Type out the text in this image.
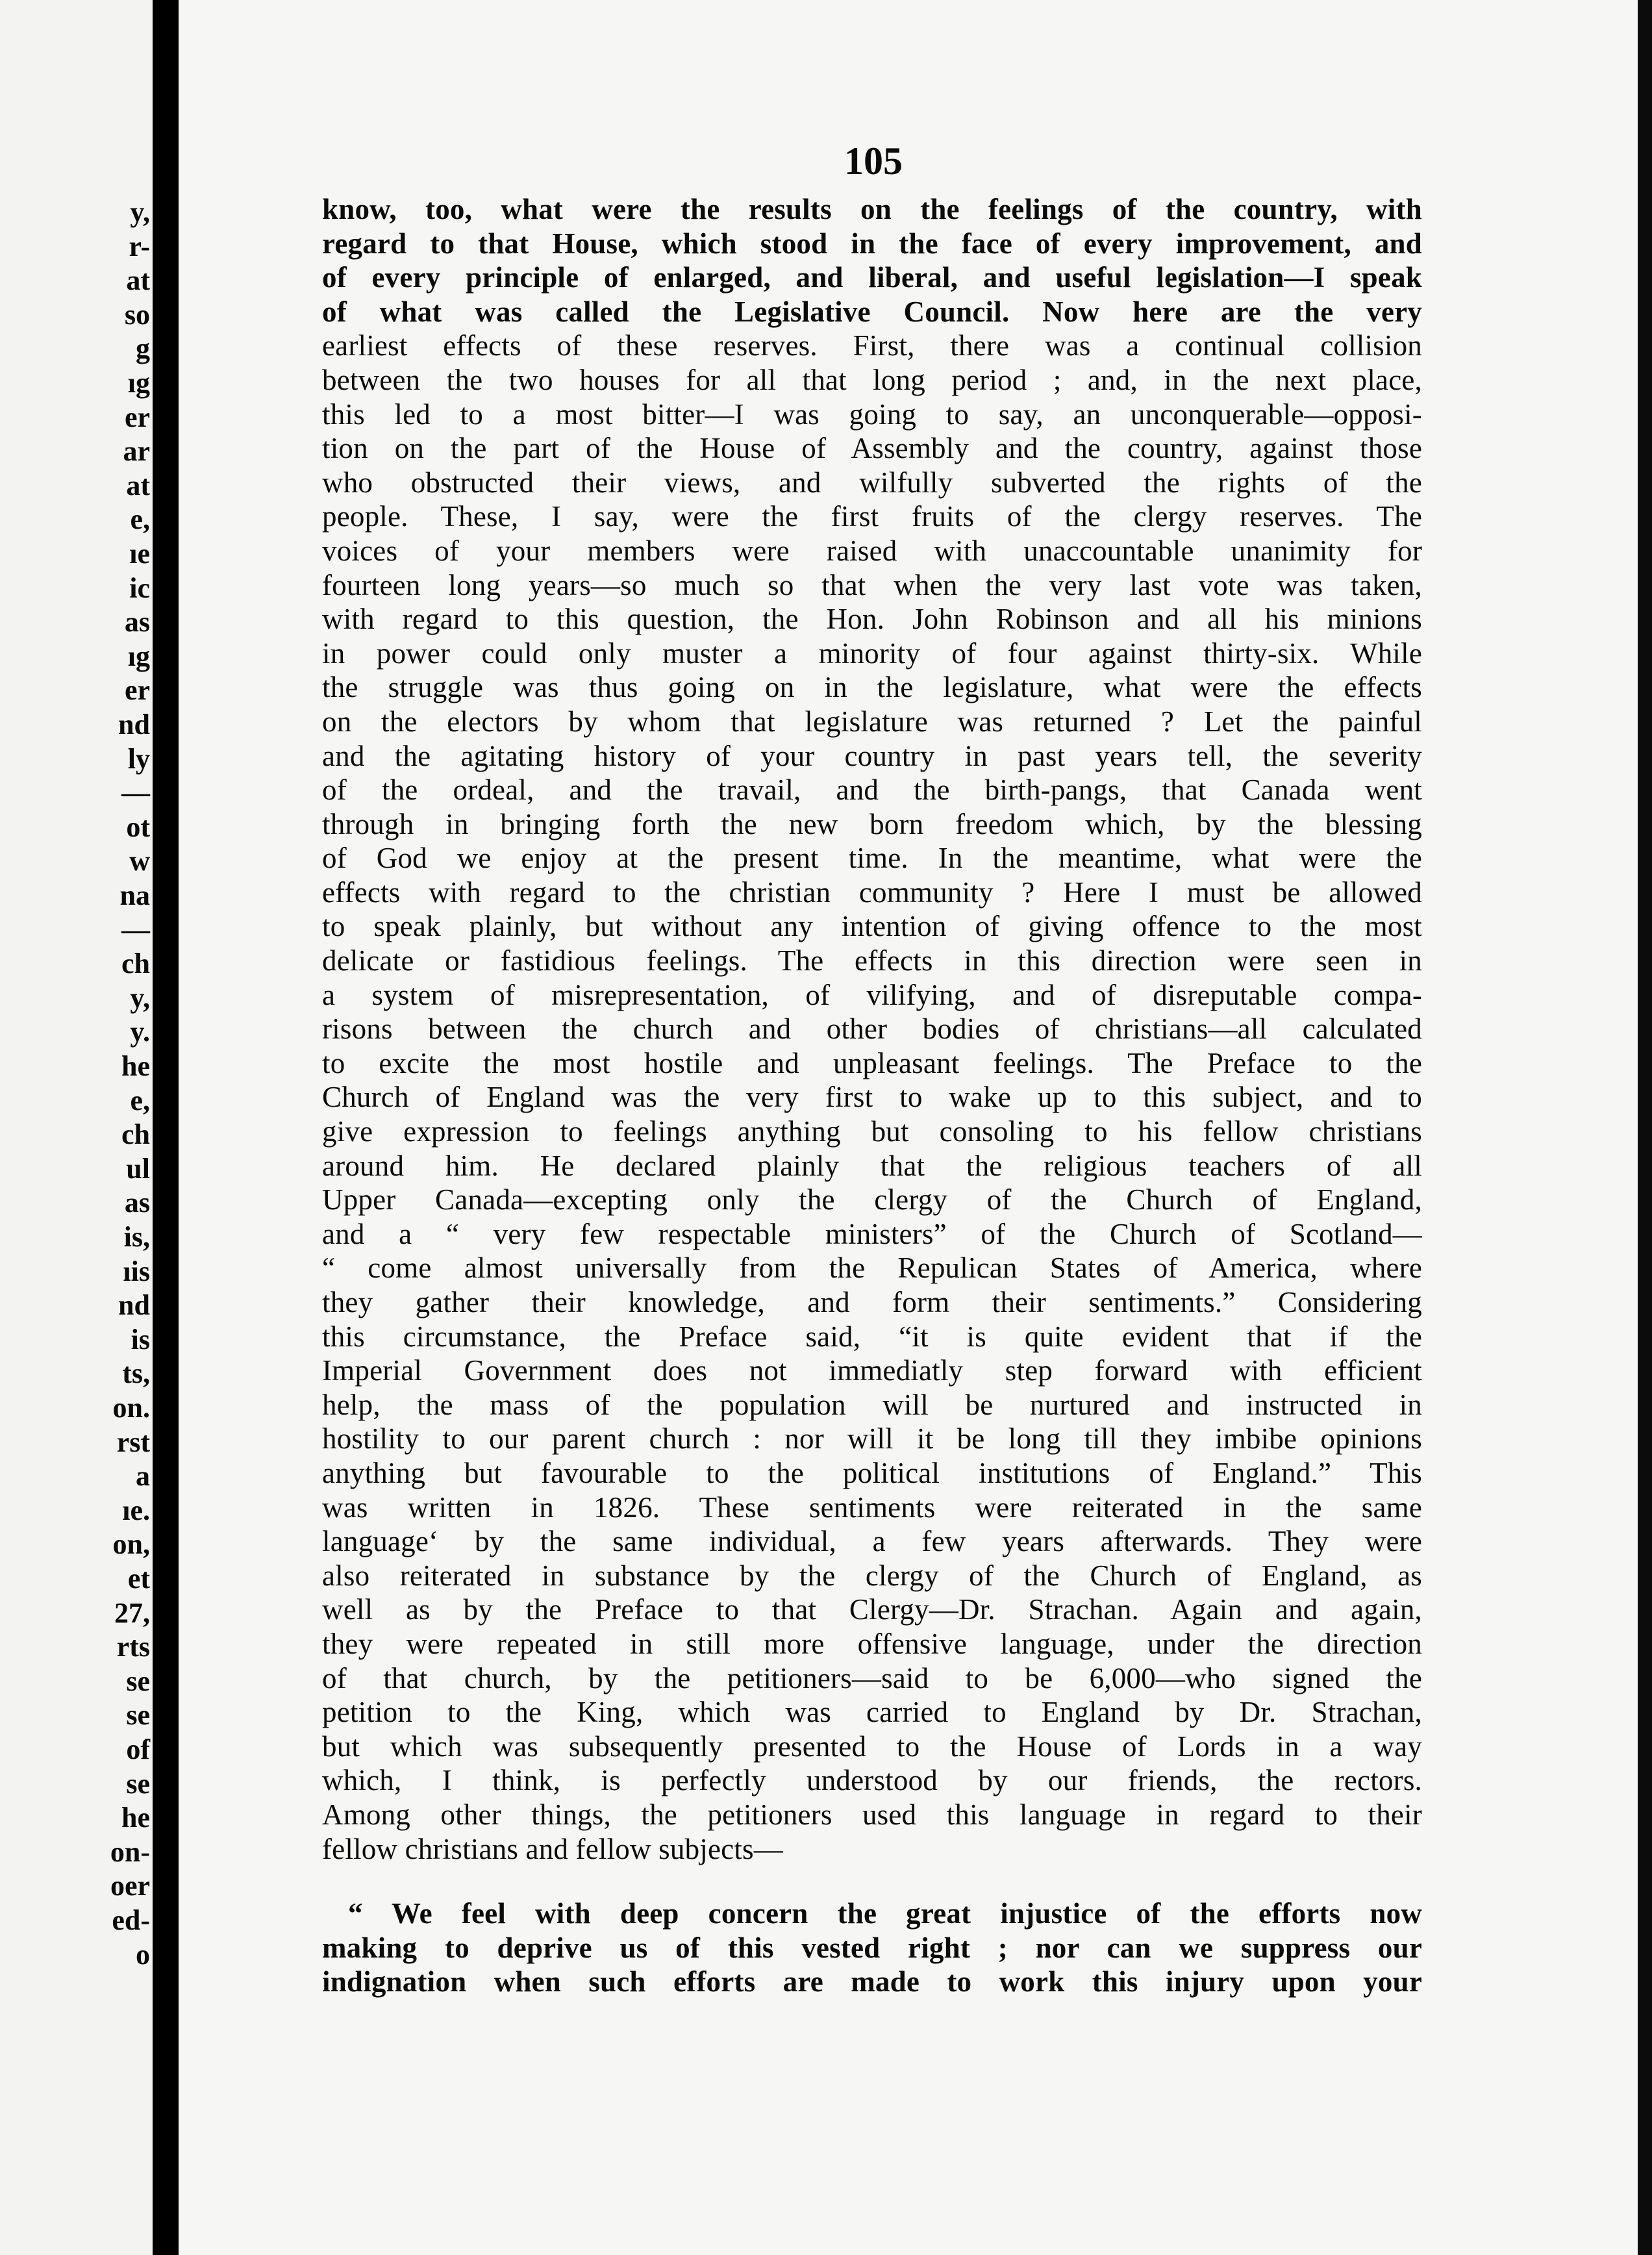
y,
r-
at
so
g
ıg
er
ar
at
e,
ıe
ic
as
ıg
er
nd
ly
—
ot
w
na
—
ch
y,
y.
he
e,
ch
ul
as
is,
ıis
nd
is
ts,
on.
rst
a
ıe.
on,
et
27,
rts
se
se
of
se
he
on-
oer
ed-
o
105
know, too, what were the results on the feelings of the country, with
regard to that House, which stood in the face of every improvement, and
of every principle of enlarged, and liberal, and useful legislation—I speak
of what was called the Legislative Council. Now here are the very
earliest effects of these reserves. First, there was a continual collision
between the two houses for all that long period ; and, in the next place,
this led to a most bitter—I was going to say, an unconquerable—opposi-
tion on the part of the House of Assembly and the country, against those
who obstructed their views, and wilfully subverted the rights of the
people. These, I say, were the first fruits of the clergy reserves. The
voices of your members were raised with unaccountable unanimity for
fourteen long years—so much so that when the very last vote was taken,
with regard to this question, the Hon. John Robinson and all his minions
in power could only muster a minority of four against thirty-six. While
the struggle was thus going on in the legislature, what were the effects
on the electors by whom that legislature was returned ? Let the painful
and the agitating history of your country in past years tell, the severity
of the ordeal, and the travail, and the birth-pangs, that Canada went
through in bringing forth the new born freedom which, by the blessing
of God we enjoy at the present time. In the meantime, what were the
effects with regard to the christian community ? Here I must be allowed
to speak plainly, but without any intention of giving offence to the most
delicate or fastidious feelings. The effects in this direction were seen in
a system of misrepresentation, of vilifying, and of disreputable compa-
risons between the church and other bodies of christians—all calculated
to excite the most hostile and unpleasant feelings. The Preface to the
Church of England was the very first to wake up to this subject, and to
give expression to feelings anything but consoling to his fellow christians
around him. He declared plainly that the religious teachers of all
Upper Canada—excepting only the clergy of the Church of England,
and a “ very few respectable ministers” of the Church of Scotland—
“ come almost universally from the Repulican States of America, where
they gather their knowledge, and form their sentiments.” Considering
this circumstance, the Preface said, “it is quite evident that if the
Imperial Government does not immediatly step forward with efficient
help, the mass of the population will be nurtured and instructed in
hostility to our parent church : nor will it be long till they imbibe opinions
anything but favourable to the political institutions of England.” This
was written in 1826. These sentiments were reiterated in the same
language‘ by the same individual, a few years afterwards. They were
also reiterated in substance by the clergy of the Church of England, as
well as by the Preface to that Clergy—Dr. Strachan. Again and again,
they were repeated in still more offensive language, under the direction
of that church, by the petitioners—said to be 6,000—who signed the
petition to the King, which was carried to England by Dr. Strachan,
but which was subsequently presented to the House of Lords in a way
which, I think, is perfectly understood by our friends, the rectors.
Among other things, the petitioners used this language in regard to their
fellow christians and fellow subjects—
“ We feel with deep concern the great injustice of the efforts now
making to deprive us of this vested right ; nor can we suppress our
indignation when such efforts are made to work this injury upon your
